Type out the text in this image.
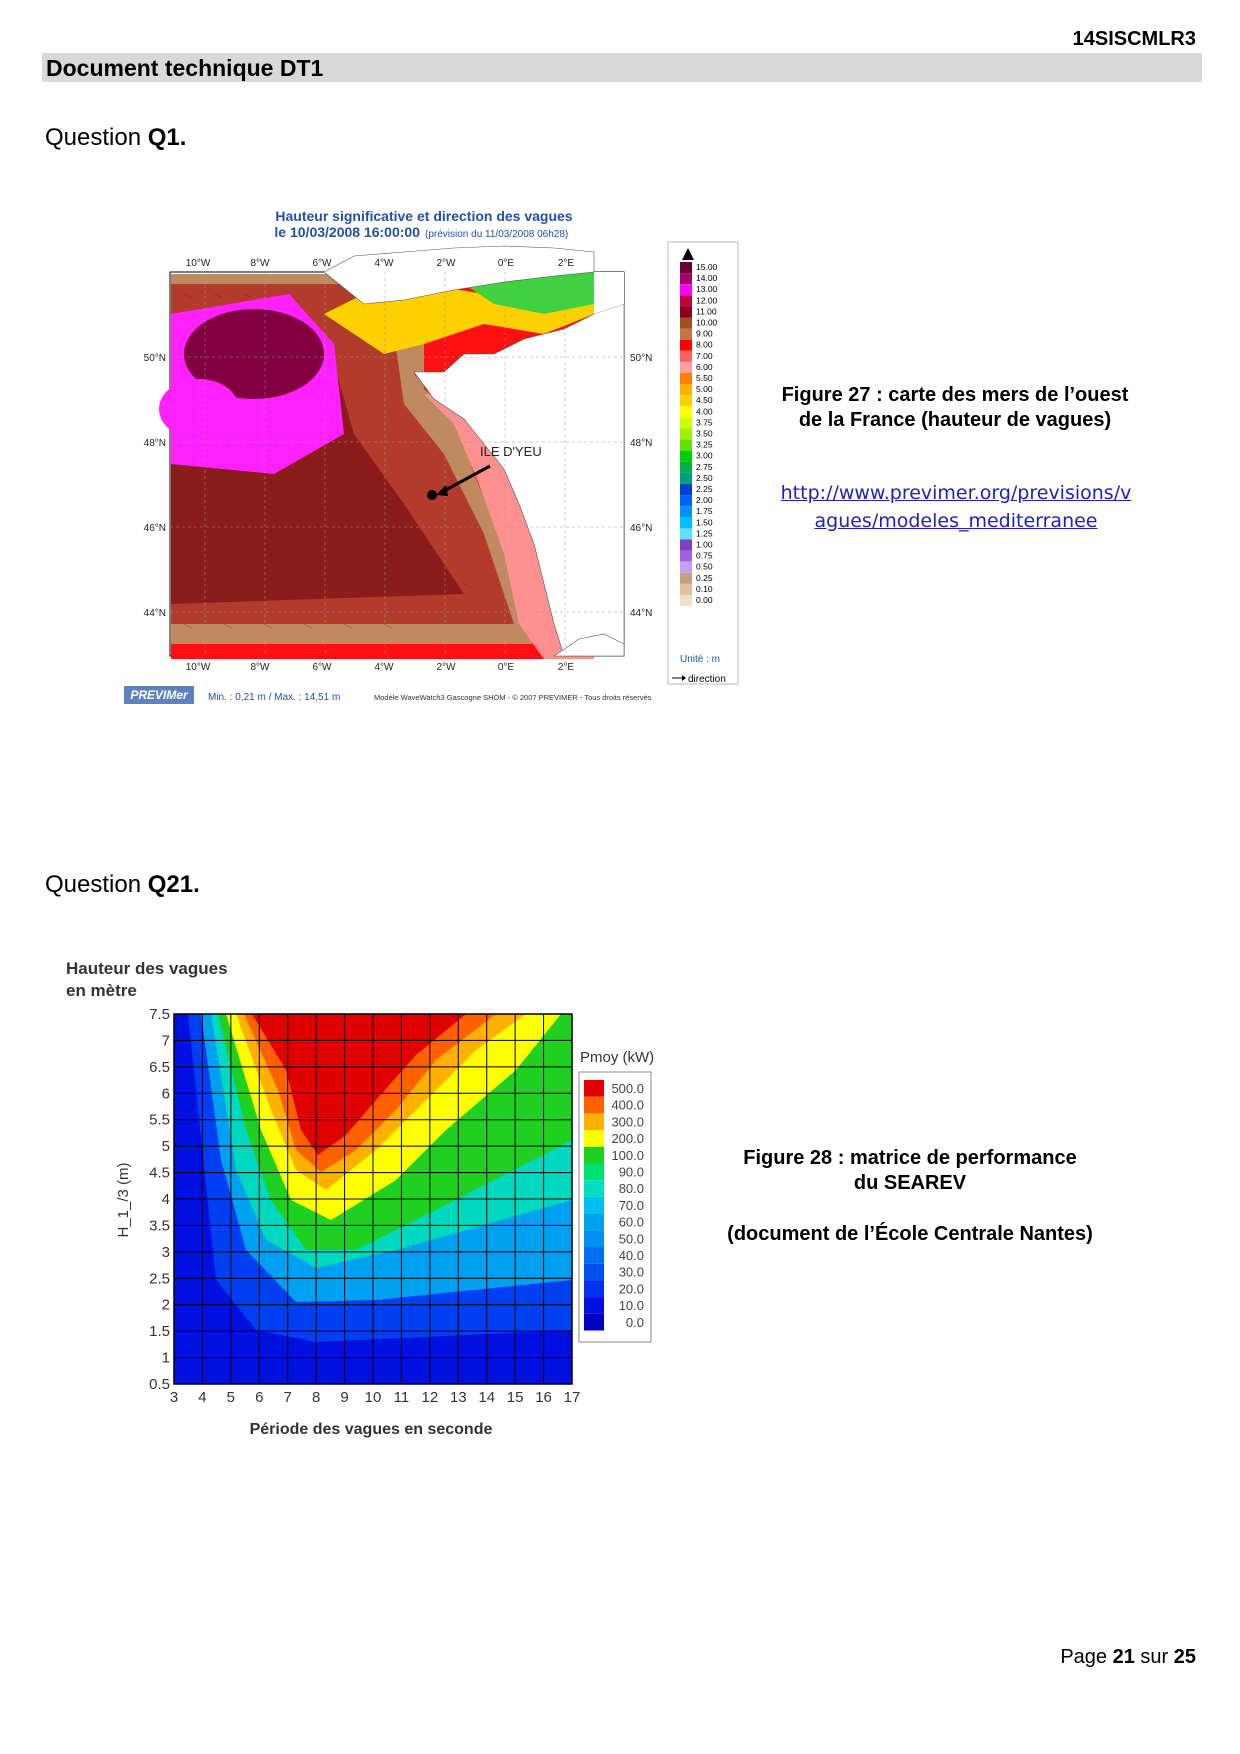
14SISCMLR3
Document technique DT1
Question Q1.
Hauteur significative et direction des vagues
le 10/03/2008 16:00:00 (prévision du 11/03/2008 06h28)
ILE D'YEU
10°W	8°W	6°W	4°W	2°W	0°E	2°E
10°W	8°W	6°W	4°W	2°W	0°E	2°E
50°N
48°N
46°N
44°N
50°N
48°N
46°N
44°N
15.00
14.00
13.00
12.00
11.00
10.00
9.00
8.00
7.00
6.00
5.50
5.00
4.50
4.00
3.75
3.50
3.25
3.00
2.75
2.50
2.25
2.00
1.75
1.50
1.25
1.00
0.75
0.50
0.25
0.10
0.00
Unité : m
direction
PREVIMer Min. : 0,21 m / Max. : 14,51 m	Modèle WaveWatch3 Gascogne SHOM - © 2007 PREVIMER - Tous droits réservés
Figure 27 : carte des mers de l’ouest de la France (hauteur de vagues)
http://www.previmer.org/previsions/vagues/modeles_mediterranee
Question Q21.
Hauteur des vagues
en mètre
3 4 5 6 7 8 9 10 11 12 13 14 15 16 17
0.5
1
1.5
2
2.5
3
3.5
4
4.5
5
5.5
6
6.5
7
7.5
H_1_/3 (m)
Période des vagues en seconde
Pmoy (kW)
500.0
400.0
300.0
200.0
100.0
90.0
80.0
70.0
60.0
50.0
40.0
30.0
20.0
10.0
0.0
Figure 28 : matrice de performance
du SEAREV
(document de l’École Centrale Nantes)
Page 21 sur 25
